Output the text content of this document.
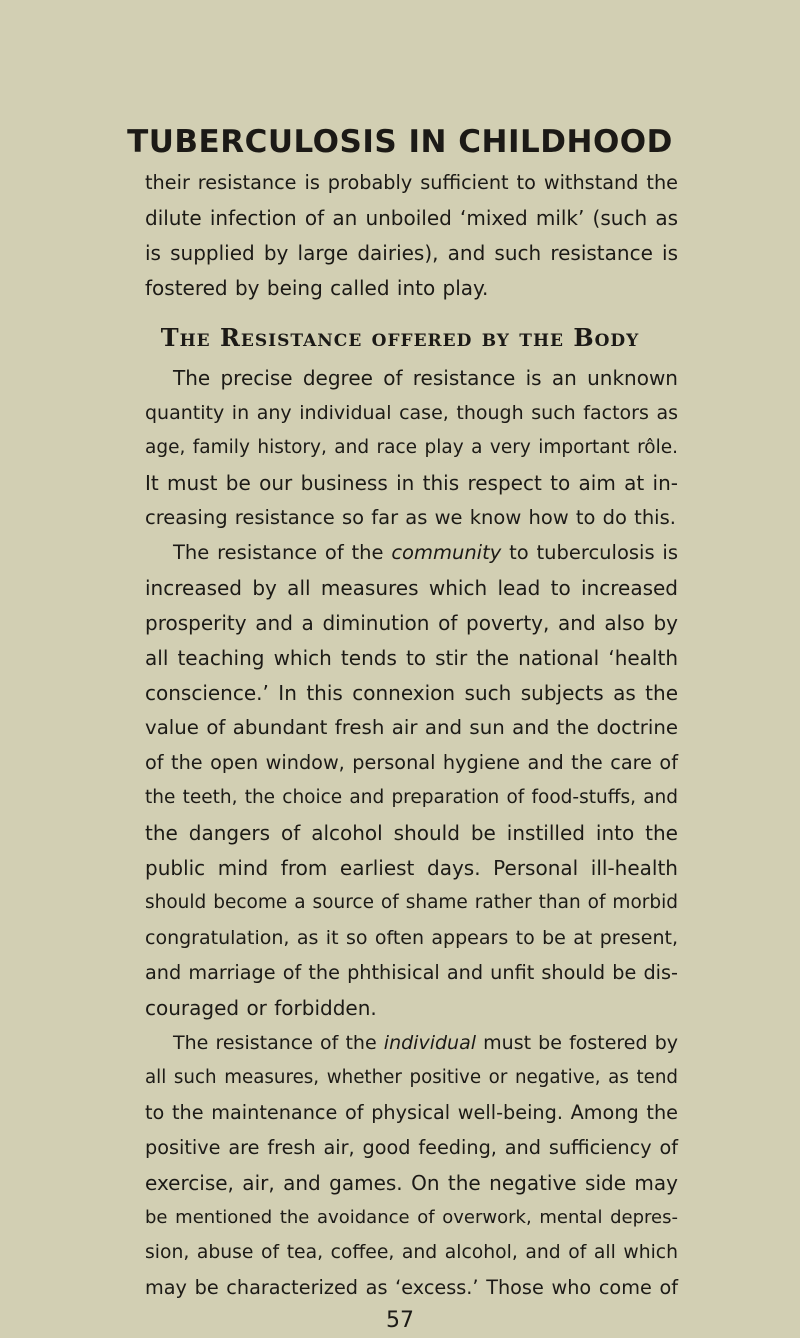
TUBERCULOSIS IN CHILDHOOD

their resistance is probably sufficient to withstand the

dilute infection of an unboiled ‘mixed milk’ (such as

is supplied by large dairies), and such resistance is

fostered by being called into play.

The Resistance offered by the Body

The precise degree of resistance is an unknown

quantity in any individual case, though such factors as

age, family history, and race play a very important rôle.

It must be our business in this respect to aim at in-

creasing resistance so far as we know how to do this.

The resistance of the community to tuberculosis is

increased by all measures which lead to increased

prosperity and a diminution of poverty, and also by

all teaching which tends to stir the national ‘health

conscience.’ In this connexion such subjects as the

value of abundant fresh air and sun and the doctrine

of the open window, personal hygiene and the care of

the teeth, the choice and preparation of food-stuffs, and

the dangers of alcohol should be instilled into the

public mind from earliest days. Personal ill-health

should become a source of shame rather than of morbid

congratulation, as it so often appears to be at present,

and marriage of the phthisical and unfit should be dis-

couraged or forbidden.

The resistance of the individual must be fostered by

all such measures, whether positive or negative, as tend

to the maintenance of physical well-being. Among the

positive are fresh air, good feeding, and sufficiency of

exercise, air, and games. On the negative side may

be mentioned the avoidance of overwork, mental depres-

sion, abuse of tea, coffee, and alcohol, and of all which

may be characterized as ‘excess.’ Those who come of

57
